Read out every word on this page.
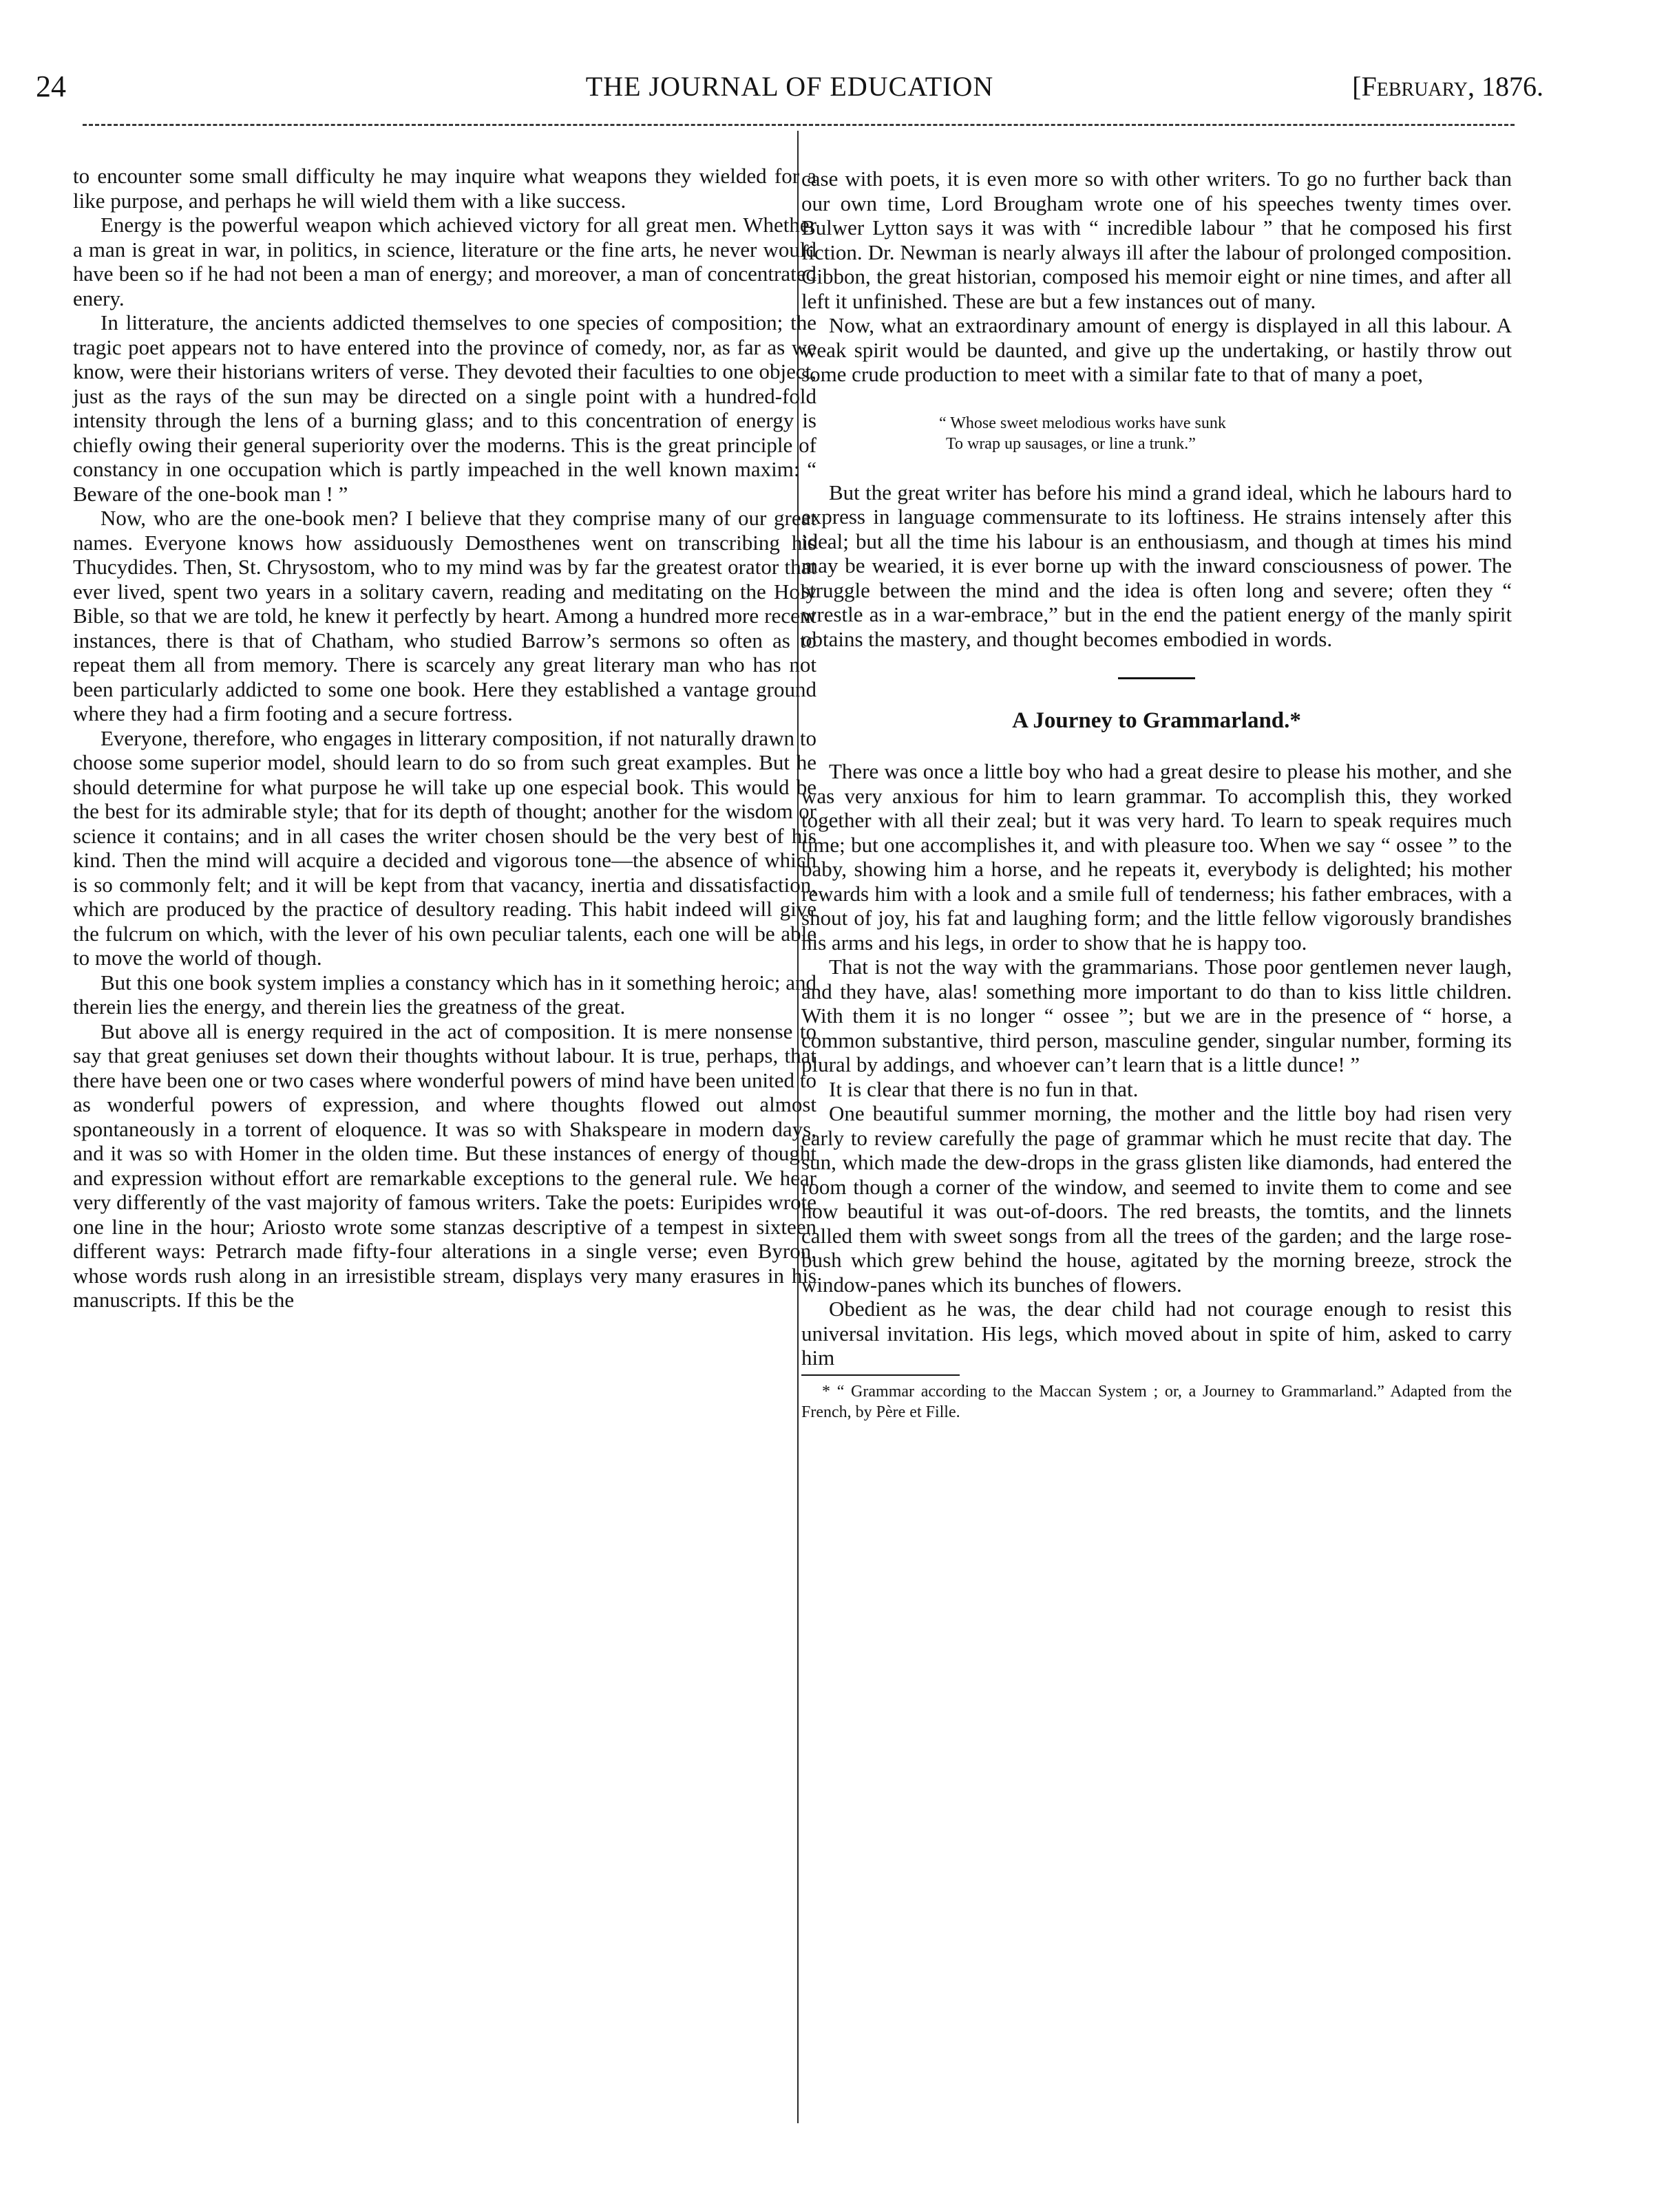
24	THE JOURNAL OF EDUCATION	[February, 1876.

to encounter some small difficulty he may inquire what weapons they wielded for a like purpose, and perhaps he will wield them with a like success.

Energy is the powerful weapon which achieved victory for all great men. Whether a man is great in war, in politics, in science, literature or the fine arts, he never would have been so if he had not been a man of energy; and moreover, a man of concentrated enery.

In litterature, the ancients addicted themselves to one species of composition; the tragic poet appears not to have entered into the province of comedy, nor, as far as we know, were their historians writers of verse. They devoted their faculties to one object, just as the rays of the sun may be directed on a single point with a hundred-fold intensity through the lens of a burning glass; and to this concentration of energy is chiefly owing their general superiority over the moderns. This is the great principle of constancy in one occupation which is partly impeached in the well known maxim: “ Beware of the one-book man ! ”

Now, who are the one-book men? I believe that they comprise many of our great names. Everyone knows how assiduously Demosthenes went on transcribing his Thucydides. Then, St. Chrysostom, who to my mind was by far the greatest orator that ever lived, spent two years in a solitary cavern, reading and meditating on the Holy Bible, so that we are told, he knew it perfectly by heart. Among a hundred more recent instances, there is that of Chatham, who studied Barrow’s sermons so often as to repeat them all from memory. There is scarcely any great literary man who has not been particularly addicted to some one book. Here they established a vantage ground where they had a firm footing and a secure fortress.

Everyone, therefore, who engages in litterary composition, if not naturally drawn to choose some superior model, should learn to do so from such great examples. But he should determine for what purpose he will take up one especial book. This would be the best for its admirable style; that for its depth of thought; another for the wisdom or science it contains; and in all cases the writer chosen should be the very best of his kind. Then the mind will acquire a decided and vigorous tone—the absence of which is so commonly felt; and it will be kept from that vacancy, inertia and dissatisfaction, which are produced by the practice of desultory reading. This habit indeed will give the fulcrum on which, with the lever of his own peculiar talents, each one will be able to move the world of though.

But this one book system implies a constancy which has in it something heroic; and therein lies the energy, and therein lies the greatness of the great.

But above all is energy required in the act of composition. It is mere nonsense to say that great geniuses set down their thoughts without labour. It is true, perhaps, that there have been one or two cases where wonderful powers of mind have been united to as wonderful powers of expression, and where thoughts flowed out almost spontaneously in a torrent of eloquence. It was so with Shakspeare in modern days, and it was so with Homer in the olden time. But these instances of energy of thought and expression without effort are remarkable exceptions to the general rule. We hear very differently of the vast majority of famous writers. Take the poets: Euripides wrote one line in the hour; Ariosto wrote some stanzas descriptive of a tempest in sixteen different ways: Petrarch made fifty-four alterations in a single verse; even Byron, whose words rush along in an irresistible stream, displays very many erasures in his manuscripts. If this be the

case with poets, it is even more so with other writers. To go no further back than our own time, Lord Brougham wrote one of his speeches twenty times over. Bulwer Lytton says it was with “ incredible labour ” that he composed his first fiction. Dr. Newman is nearly always ill after the labour of prolonged composition. Gibbon, the great historian, composed his memoir eight or nine times, and after all left it unfinished. These are but a few instances out of many.

Now, what an extraordinary amount of energy is displayed in all this labour. A weak spirit would be daunted, and give up the undertaking, or hastily throw out some crude production to meet with a similar fate to that of many a poet,

“ Whose sweet melodious works have sunk
To wrap up sausages, or line a trunk.”

But the great writer has before his mind a grand ideal, which he labours hard to express in language commensurate to its loftiness. He strains intensely after this ideal; but all the time his labour is an enthousiasm, and though at times his mind may be wearied, it is ever borne up with the inward consciousness of power. The struggle between the mind and the idea is often long and severe; often they “ wrestle as in a war-embrace,” but in the end the patient energy of the manly spirit obtains the mastery, and thought becomes embodied in words.

A Journey to Grammarland.*

There was once a little boy who had a great desire to please his mother, and she was very anxious for him to learn grammar. To accomplish this, they worked together with all their zeal; but it was very hard. To learn to speak requires much time; but one accomplishes it, and with pleasure too. When we say “ ossee ” to the baby, showing him a horse, and he repeats it, everybody is delighted; his mother rewards him with a look and a smile full of tenderness; his father embraces, with a shout of joy, his fat and laughing form; and the little fellow vigorously brandishes his arms and his legs, in order to show that he is happy too.

That is not the way with the grammarians. Those poor gentlemen never laugh, and they have, alas! something more important to do than to kiss little children. With them it is no longer “ ossee ”; but we are in the presence of “ horse, a common substantive, third person, masculine gender, singular number, forming its plural by addings, and whoever can’t learn that is a little dunce! ”

It is clear that there is no fun in that.

One beautiful summer morning, the mother and the little boy had risen very early to review carefully the page of grammar which he must recite that day. The sun, which made the dew-drops in the grass glisten like diamonds, had entered the room though a corner of the window, and seemed to invite them to come and see how beautiful it was out-of-doors. The red breasts, the tomtits, and the linnets called them with sweet songs from all the trees of the garden; and the large rose-bush which grew behind the house, agitated by the morning breeze, strock the window-panes which its bunches of flowers.

Obedient as he was, the dear child had not courage enough to resist this universal invitation. His legs, which moved about in spite of him, asked to carry him

* “ Grammar according to the Maccan System ; or, a Journey to Grammarland.” Adapted from the French, by Père et Fille.
